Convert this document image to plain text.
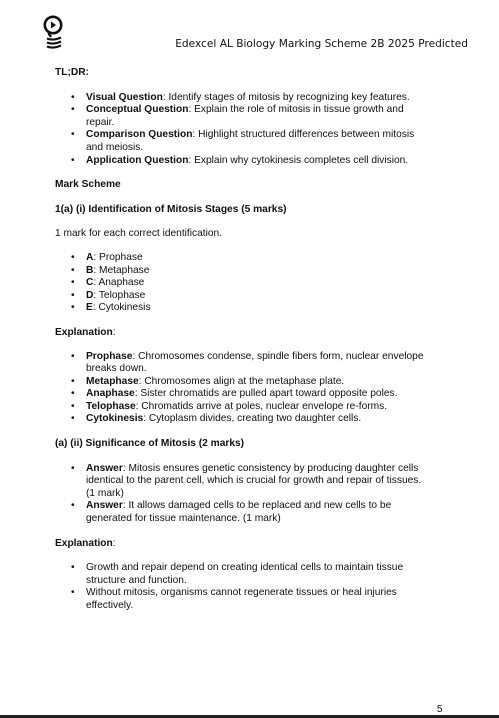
Edexcel AL Biology Marking Scheme 2B 2025 Predicted

TL;DR:

• Visual Question: Identify stages of mitosis by recognizing key features.
• Conceptual Question: Explain the role of mitosis in tissue growth and repair.
• Comparison Question: Highlight structured differences between mitosis and meiosis.
• Application Question: Explain why cytokinesis completes cell division.

Mark Scheme

1(a) (i) Identification of Mitosis Stages (5 marks)

1 mark for each correct identification.

• A: Prophase
• B: Metaphase
• C: Anaphase
• D: Telophase
• E: Cytokinesis

Explanation:

• Prophase: Chromosomes condense, spindle fibers form, nuclear envelope breaks down.
• Metaphase: Chromosomes align at the metaphase plate.
• Anaphase: Sister chromatids are pulled apart toward opposite poles.
• Telophase: Chromatids arrive at poles, nuclear envelope re-forms.
• Cytokinesis: Cytoplasm divides, creating two daughter cells.

(a) (ii) Significance of Mitosis (2 marks)

• Answer: Mitosis ensures genetic consistency by producing daughter cells identical to the parent cell, which is crucial for growth and repair of tissues. (1 mark)
• Answer: It allows damaged cells to be replaced and new cells to be generated for tissue maintenance. (1 mark)

Explanation:

• Growth and repair depend on creating identical cells to maintain tissue structure and function.
• Without mitosis, organisms cannot regenerate tissues or heal injuries effectively.
5
